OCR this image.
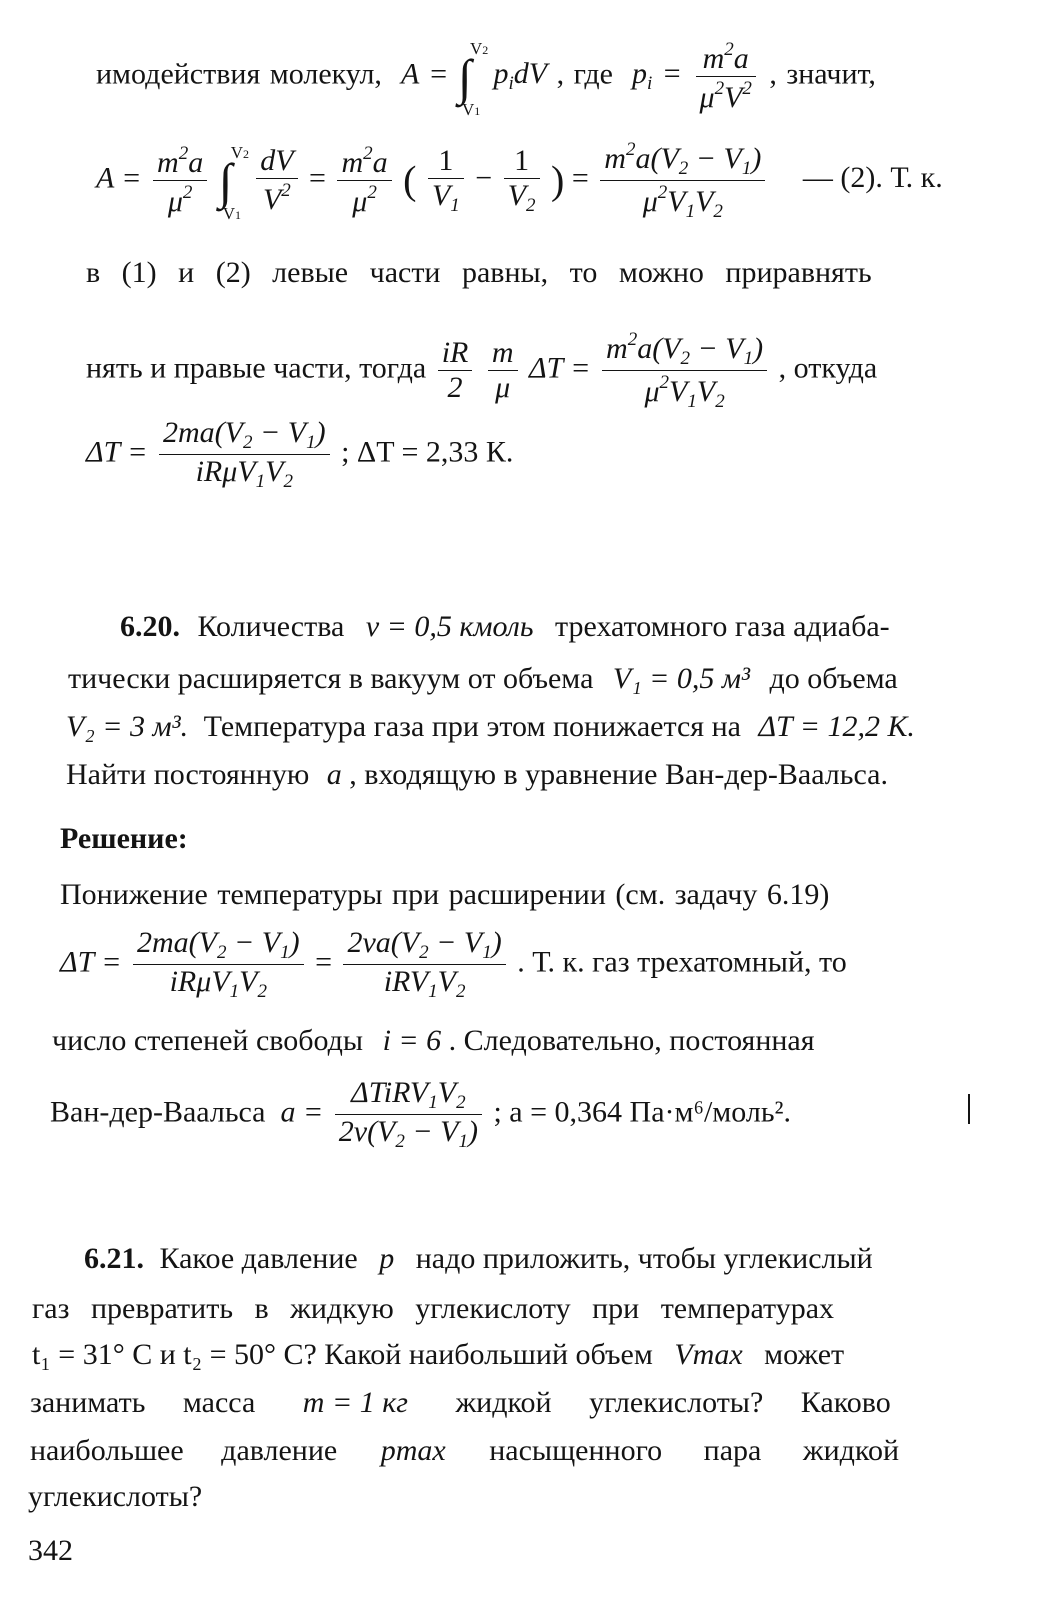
имодействия молекул,  A = ∫
V1
V2
$p_idV$ , где  $p_i = \frac{m^2a}{\mu^2V^2}$ , значит,
$A = \frac{m^2a}{\mu^2}$ ∫
V1
V2
$\frac{dV}{V^2} = \frac{m^2a}{\mu^2}$ ( $\frac{1}{V_1} - \frac{1}{V_2}$ ) = $\frac{m^2a(V_2 - V_1)}{\mu^2V_1V_2}$ — (2). Т. к.
в (1) и (2) левые части равны, то можно приравнять
нять и правые части, тогда $\frac{iR}{2}$
$\frac{m}{\mu}$ $\Delta T = \frac{m^2a(V_2 - V_1)}{\mu^2V_1V_2}$ , откуда
$\Delta T = \frac{2ma(V_2 - V_1)}{iR\mu V_1V_2}$ ; ΔT = 2,33 К.
6.20. Количества ν = 0,5 кмоль трехатомного газа адиаба-
тически расширяется в вакуум от объема V₁ = 0,5 м³ до объема
V₂ = 3 м³. Температура газа при этом понижается на ΔT = 12,2 К.
Найти постоянную a , входящую в уравнение Ван-дер-Ваальса.
Решение:
Понижение температуры при расширении (см. задачу 6.19)
$\Delta T = \frac{2ma(V_2 - V_1)}{iR\mu V_1V_2} = \frac{2\nu a(V_2 - V_1)}{iRV_1V_2}$ . Т. к. газ трехатомный, то
число степеней свободы i = 6 . Следовательно, постоянная
Ван-дер-Ваальса  $a = \frac{\Delta TiRV_1V_2}{2\nu(V_2 - V_1)}$ ; a = 0,364 Па·м⁶/моль².
6.21. Какое давление p надо приложить, чтобы углекислый
газ превратить в жидкую углекислоту при температурах
t₁ = 31° С и t₂ = 50° С? Какой наибольший объем Vmax может
занимать масса m = 1 кг жидкой углекислоты? Каково
наибольшее давление pmax насыщенного пара жидкой
углекислоты?
342
